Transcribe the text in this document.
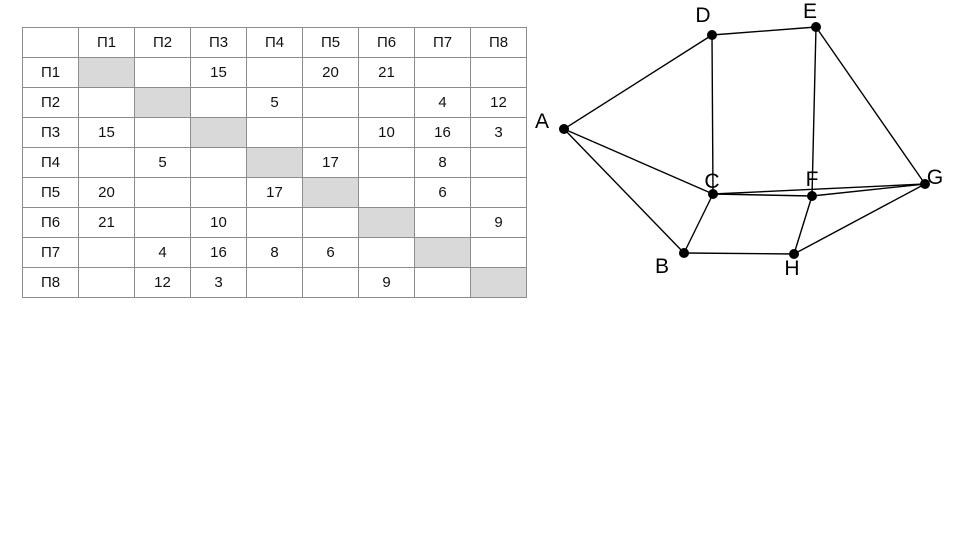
	П1	П2	П3	П4	П5	П6	П7	П8
П1			15		20	21		
П2				5			4	12
П3	15					10	16	3
П4		5			17		8	
П5	20			17			6	
П6	21		10					9
П7		4	16	8	6			
П8		12	3			9		
A
B
C
D	E
F	G
H
